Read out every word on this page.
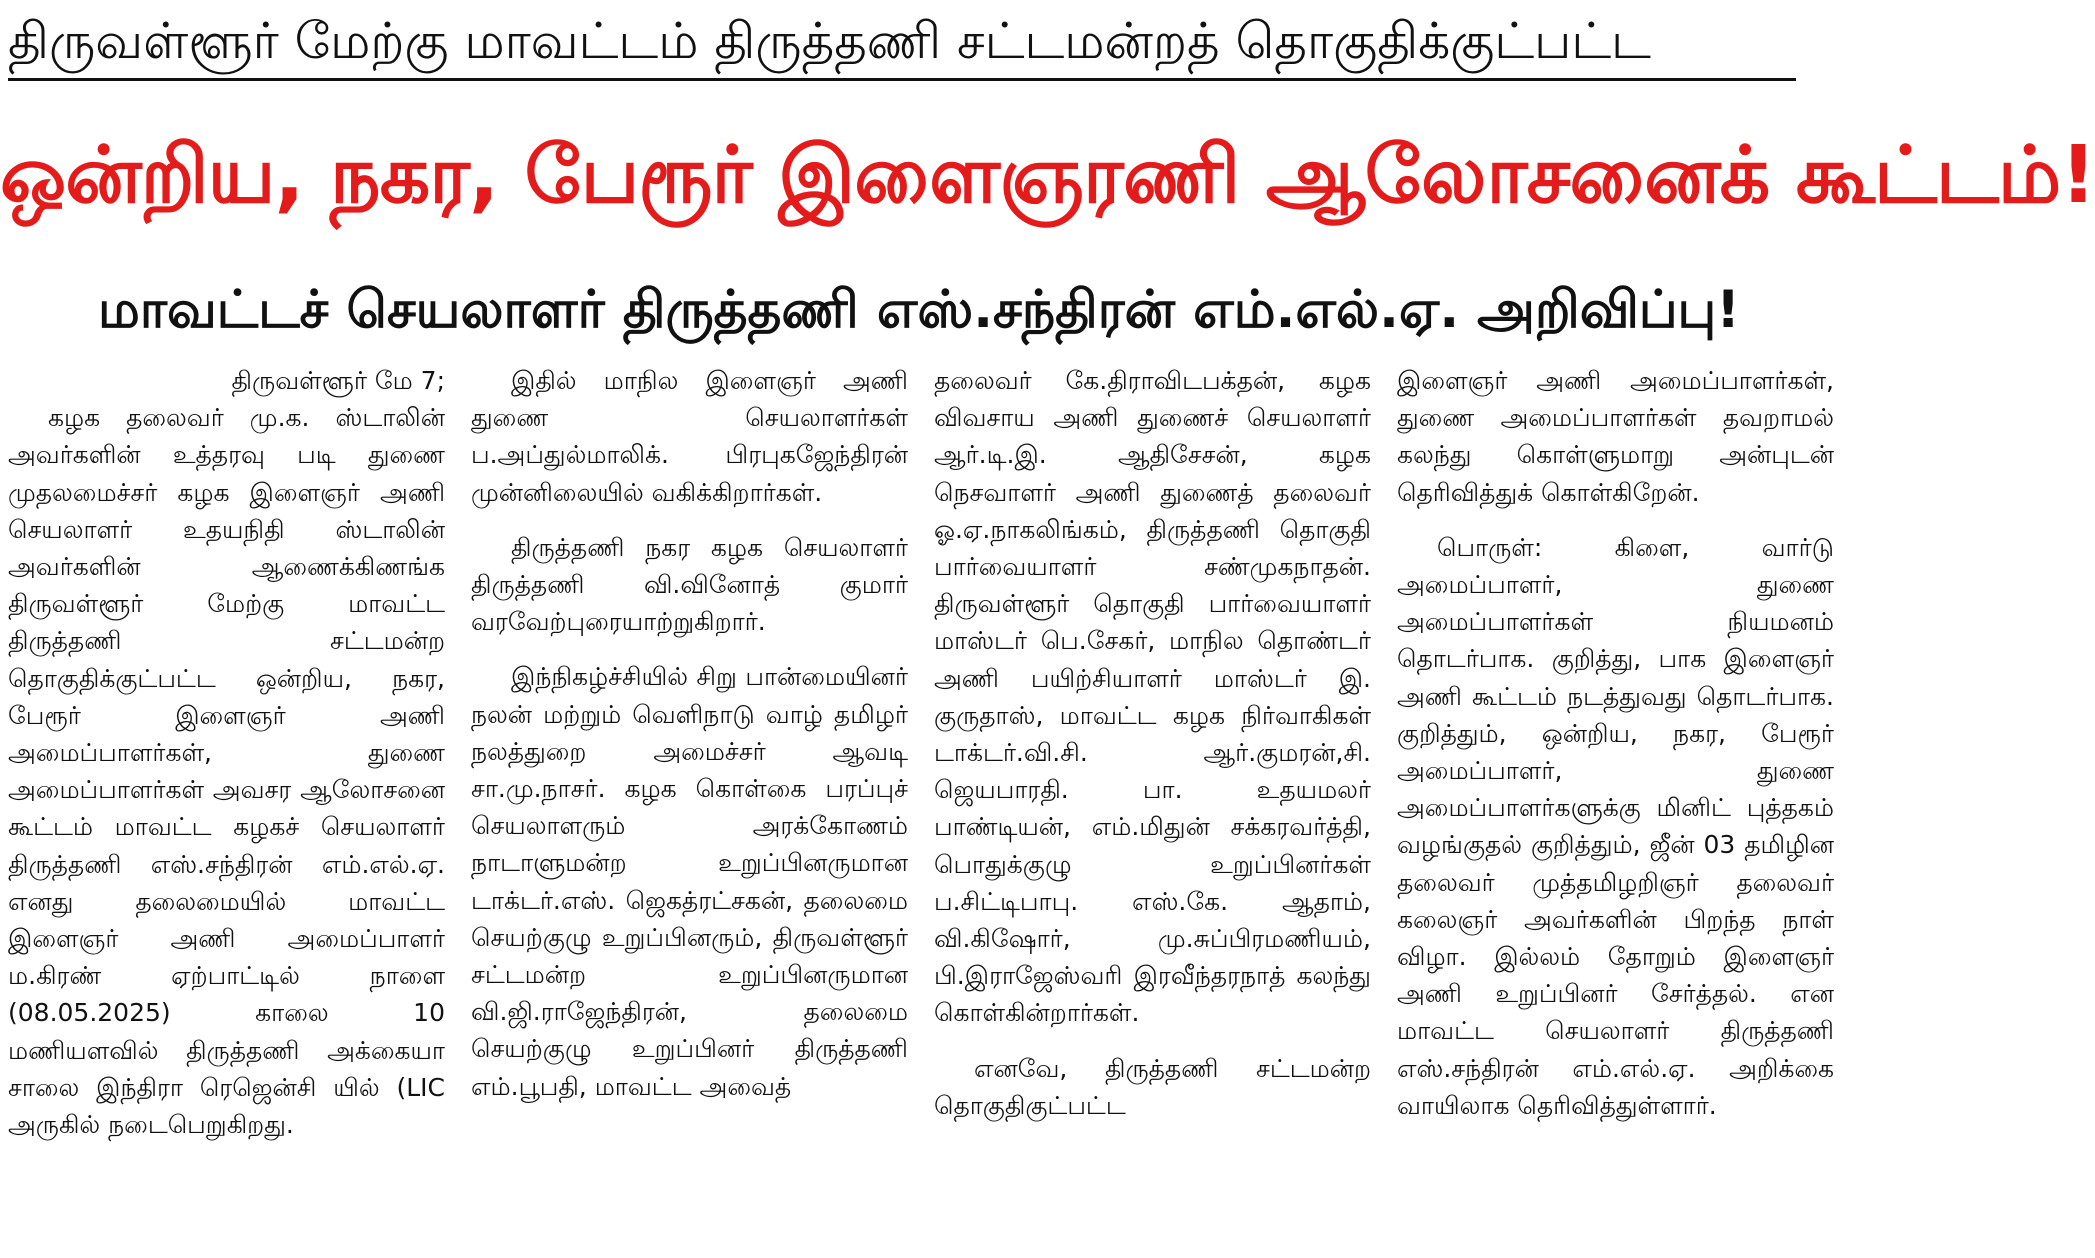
திருவள்ளூர் மேற்கு மாவட்டம் திருத்தணி சட்டமன்றத் தொகுதிக்குட்பட்ட
ஒன்றிய, நகர, பேரூர் இளைஞரணி ஆலோசனைக் கூட்டம்!
மாவட்டச் செயலாளர் திருத்தணி எஸ்.சந்திரன் எம்.எல்.ஏ. அறிவிப்பு!
திருவள்ளூர் மே 7;

கழக தலைவர் மு.க. ஸ்டாலின் அவர்களின் உத்தரவு படி துணை முதலமைச்சர் கழக இளைஞர் அணி செயலாளர் உதயநிதி ஸ்டாலின் அவர்களின் ஆணைக்கிணங்க திருவள்ளூர் மேற்கு மாவட்ட திருத்தணி சட்டமன்ற தொகுதிக்குட்பட்ட ஒன்றிய, நகர, பேரூர் இளைஞர் அணி அமைப்பாளர்கள், துணை அமைப்பாளர்கள் அவசர ஆலோசனை கூட்டம் மாவட்ட கழகச் செயலாளர் திருத்தணி எஸ்.சந்திரன் எம்.எல்.ஏ. எனது தலைமையில் மாவட்ட இளைஞர் அணி அமைப்பாளர் ம.கிரண் ஏற்பாட்டில் நாளை (08.05.2025) காலை 10 மணியளவில் திருத்தணி அக்கையா சாலை இந்திரா ரெஜென்சி யில் (LIC அருகில் நடைபெறுகிறது.

இதில் மாநில இளைஞர் அணி துணை செயலாளர்கள் ப.அப்துல்மாலிக். பிரபுகஜேந்திரன் முன்னிலையில் வகிக்கிறார்கள்.

திருத்தணி நகர கழக செயலாளர் திருத்தணி வி.வினோத் குமார் வரவேற்புரையாற்றுகிறார்.

இந்நிகழ்ச்சியில் சிறு பான்மையினர் நலன் மற்றும் வெளிநாடு வாழ் தமிழர் நலத்துறை அமைச்சர் ஆவடி சா.மு.நாசர். கழக கொள்கை பரப்புச் செயலாளரும் அரக்கோணம் நாடாளுமன்ற உறுப்பினருமான டாக்டர்.எஸ். ஜெகத்ரட்சகன், தலைமை செயற்குழு உறுப்பினரும், திருவள்ளூர் சட்டமன்ற உறுப்பினருமான வி.ஜி.ராஜேந்திரன், தலைமை செயற்குழு உறுப்பினர் திருத்தணி எம்.பூபதி, மாவட்ட அவைத்

தலைவர் கே.திராவிடபக்தன், கழக விவசாய அணி துணைச் செயலாளர் ஆர்.டி.இ. ஆதிசேசன், கழக நெசவாளர் அணி துணைத் தலைவர் ஓ.ஏ.நாகலிங்கம், திருத்தணி தொகுதி பார்வையாளர் சண்முகநாதன். திருவள்ளூர் தொகுதி பார்வையாளர் மாஸ்டர் பெ.சேகர், மாநில தொண்டர் அணி பயிற்சியாளர் மாஸ்டர் இ. குருதாஸ், மாவட்ட கழக நிர்வாகிகள் டாக்டர்.வி.சி. ஆர்.குமரன்,சி. ஜெயபாரதி. பா. உதயமலர் பாண்டியன், எம்.மிதுன் சக்கரவர்த்தி, பொதுக்குழு உறுப்பினர்கள் ப.சிட்டிபாபு. எஸ்.கே. ஆதாம், வி.கிஷோர், மு.சுப்பிரமணியம், பி.இராஜேஸ்வரி இரவீந்தரநாத் கலந்து கொள்கின்றார்கள்.

எனவே, திருத்தணி சட்டமன்ற தொகுதிகுட்பட்ட

இளைஞர் அணி அமைப்பாளர்கள், துணை அமைப்பாளர்கள் தவறாமல் கலந்து கொள்ளுமாறு அன்புடன் தெரிவித்துக் கொள்கிறேன்.

பொருள்: கிளை, வார்டு அமைப்பாளர், துணை அமைப்பாளர்கள் நியமனம் தொடர்பாக. குறித்து, பாக இளைஞர் அணி கூட்டம் நடத்துவது தொடர்பாக. குறித்தும், ஒன்றிய, நகர, பேரூர் அமைப்பாளர், துணை அமைப்பாளர்களுக்கு மினிட் புத்தகம் வழங்குதல் குறித்தும், ஜீன் 03 தமிழின தலைவர் முத்தமிழறிஞர் தலைவர் கலைஞர் அவர்களின் பிறந்த நாள் விழா. இல்லம் தோறும் இளைஞர் அணி உறுப்பினர் சேர்த்தல். என மாவட்ட செயலாளர் திருத்தணி எஸ்.சந்திரன் எம்.எல்.ஏ. அறிக்கை வாயிலாக தெரிவித்துள்ளார்.
